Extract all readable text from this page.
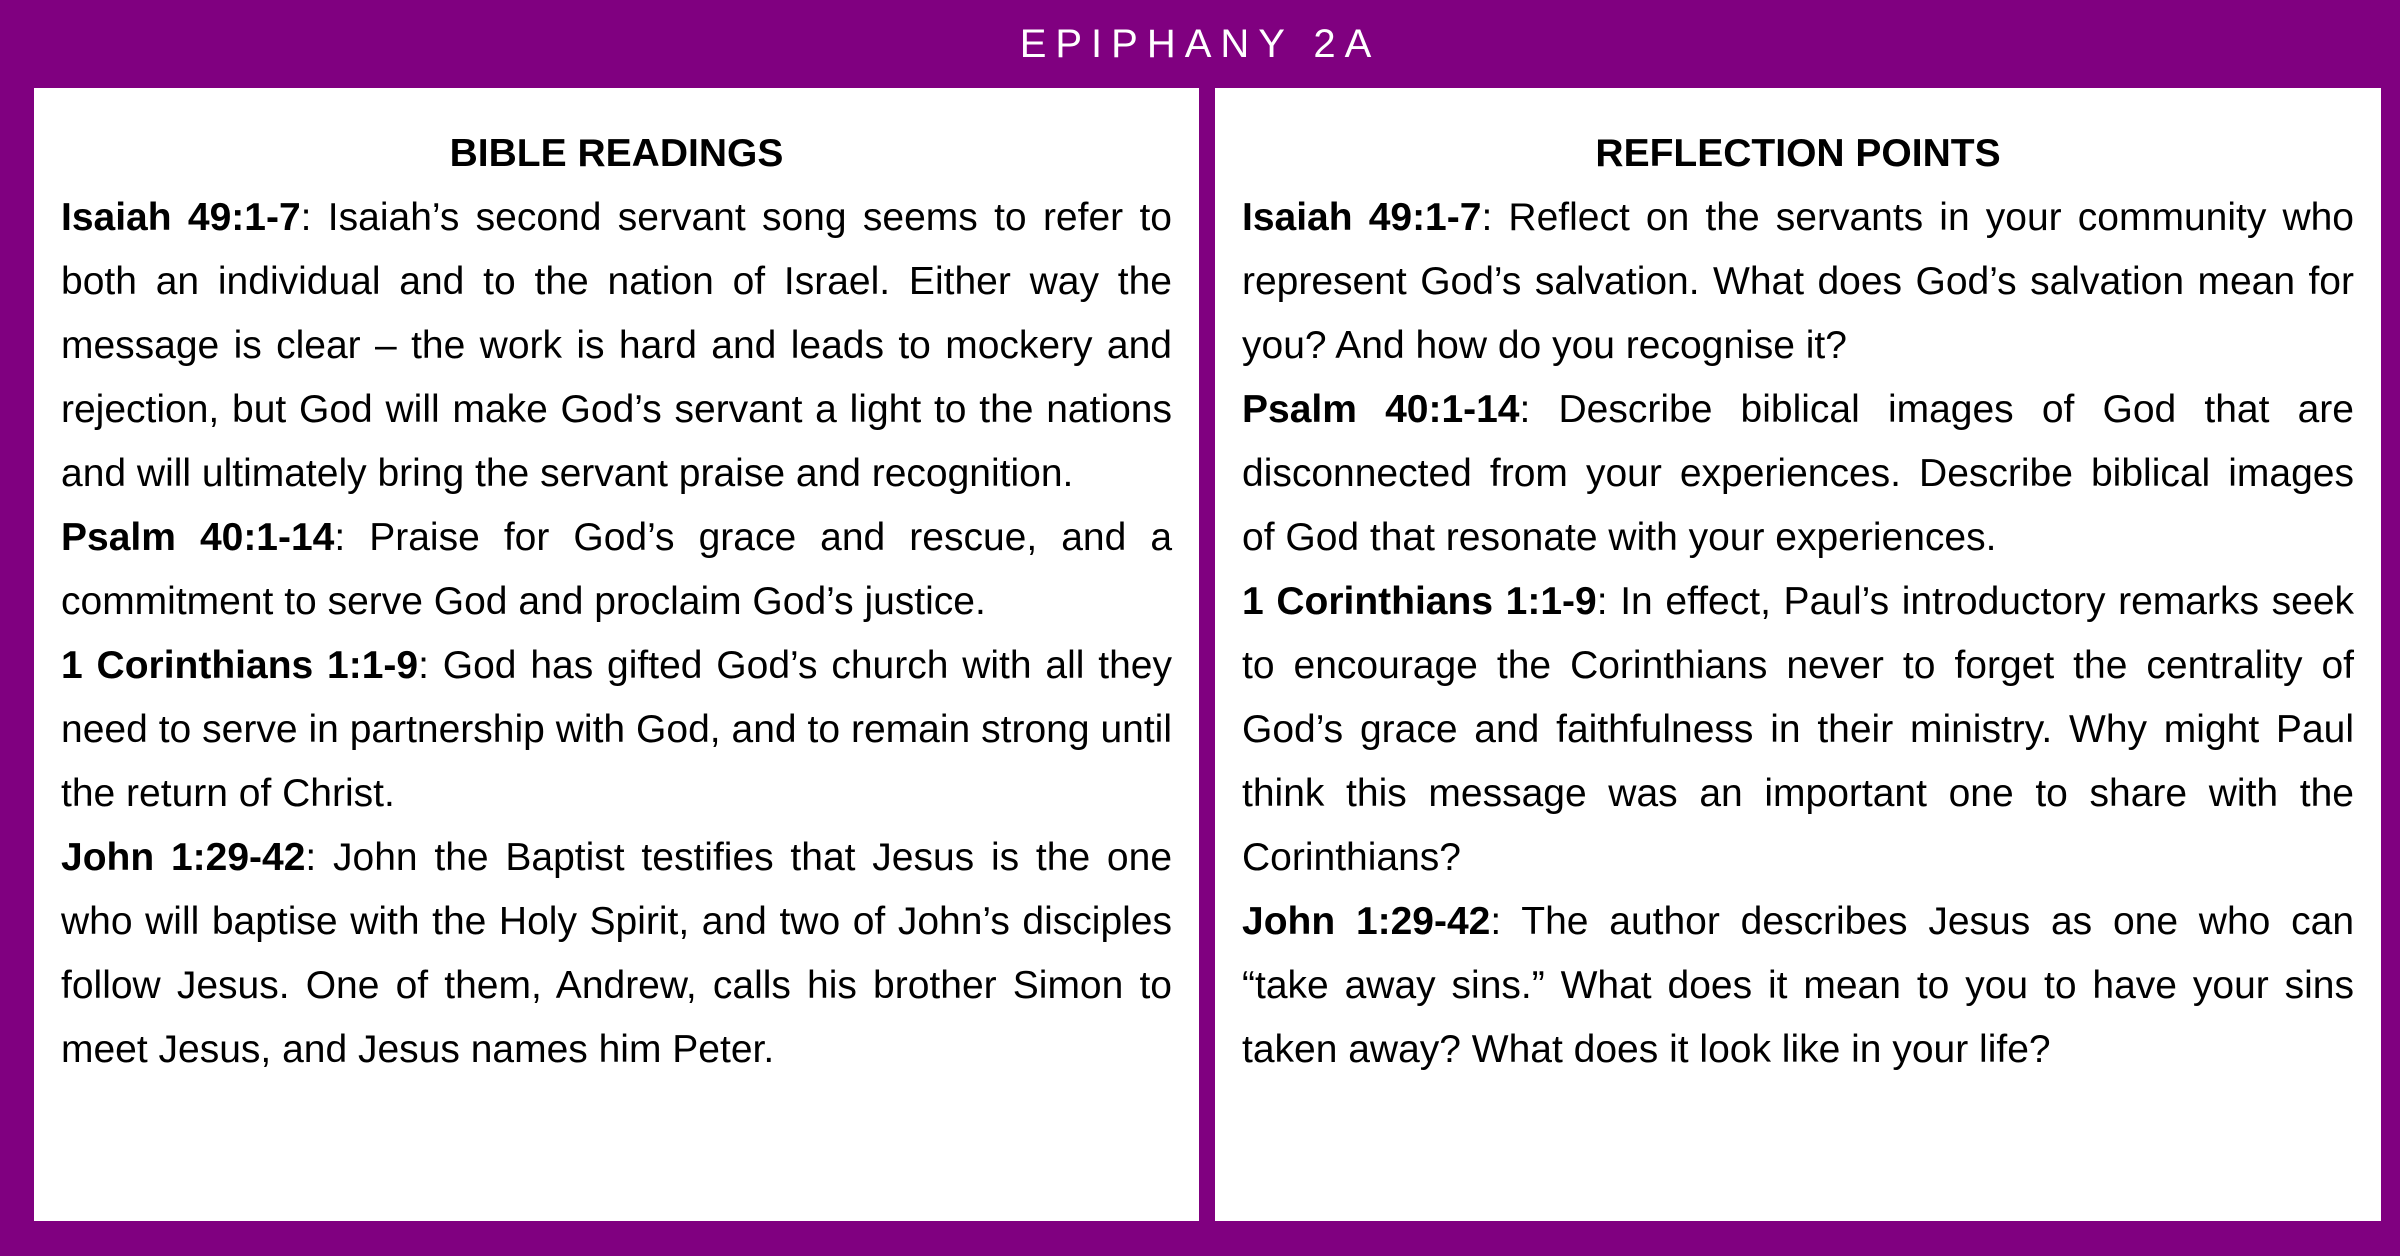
EPIPHANY 2A
BIBLE READINGS

Isaiah 49:1-7: Isaiah’s second servant song seems to refer to both an individual and to the nation of Israel. Either way the message is clear – the work is hard and leads to mockery and rejection, but God will make God’s servant a light to the nations and will ultimately bring the servant praise and recognition.

Psalm 40:1-14: Praise for God’s grace and rescue, and a commitment to serve God and proclaim God’s justice.

1 Corinthians 1:1-9: God has gifted God’s church with all they need to serve in partnership with God, and to remain strong until the return of Christ.

John 1:29-42: John the Baptist testifies that Jesus is the one who will baptise with the Holy Spirit, and two of John’s disciples follow Jesus. One of them, Andrew, calls his brother Simon to meet Jesus, and Jesus names him Peter.

REFLECTION POINTS

Isaiah 49:1-7: Reflect on the servants in your community who represent God’s salvation. What does God’s salvation mean for you? And how do you recognise it?

Psalm 40:1-14: Describe biblical images of God that are disconnected from your experiences. Describe biblical images of God that resonate with your experiences.

1 Corinthians 1:1-9: In effect, Paul’s introductory remarks seek to encourage the Corinthians never to forget the centrality of God’s grace and faithfulness in their ministry. Why might Paul think this message was an important one to share with the Corinthians?

John 1:29-42: The author describes Jesus as one who can “take away sins.” What does it mean to you to have your sins taken away? What does it look like in your life?
